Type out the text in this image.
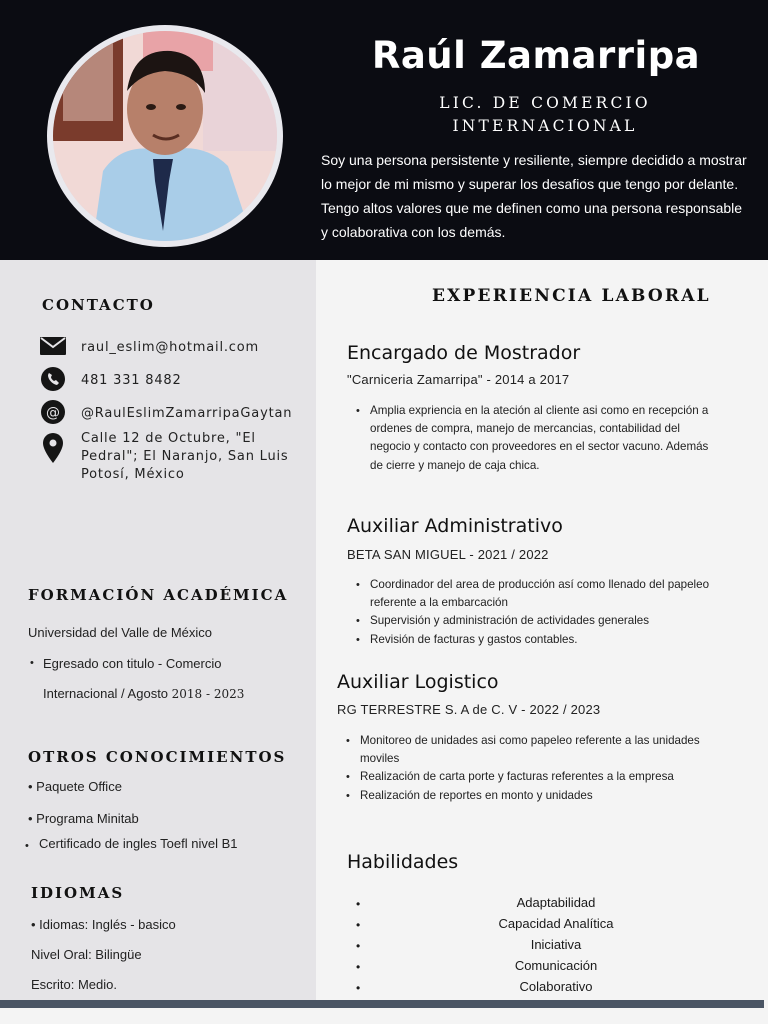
Raúl Zamarripa
LIC. DE COMERCIO
INTERNACIONAL
Soy una persona persistente y resiliente, siempre decidido a mostrar lo mejor de mi mismo y superar los desafios que tengo por delante. Tengo altos valores que me definen como una persona responsable y colaborativa con los demás.
CONTACTO
raul_eslim@hotmail.com
481 331 8482
@ @RaulEslimZamarripaGaytan
Calle 12 de Octubre, "El
Pedral"; El Naranjo, San Luis
Potosí, México
FORMACIÓN ACADÉMICA
Universidad del Valle de México
• Egresado con titulo - Comercio
Internacional / Agosto 2018 - 2023
OTROS CONOCIMIENTOS
• Paquete Office
• Programa Minitab
• Certificado de ingles Toefl nivel B1
IDIOMAS
• Idiomas: Inglés - basico
Nivel Oral: Bilingüe
Escrito: Medio.
EXPERIENCIA LABORAL
Encargado de Mostrador
"Carniceria Zamarripa" - 2014 a 2017
• Amplia expriencia en la ateción al cliente asi como en recepción a ordenes de compra, manejo de mercancias, contabilidad del negocio y contacto con proveedores en el sector vacuno. Además de cierre y manejo de caja chica.
Auxiliar Administrativo
BETA SAN MIGUEL - 2021 / 2022
• Coordinador del area de producción así como llenado del papeleo referente a la embarcación
• Supervisión y administración de actividades generales
• Revisión de facturas y gastos contables.
Auxiliar Logistico
RG TERRESTRE S. A de C. V - 2022 / 2023
• Monitoreo de unidades asi como papeleo referente a las unidades moviles
• Realización de carta porte y facturas referentes a la empresa
• Realización de reportes en monto y unidades
Habilidades
• Adaptabilidad
• Capacidad Analítica
• Iniciativa
• Comunicación
• Colaborativo
